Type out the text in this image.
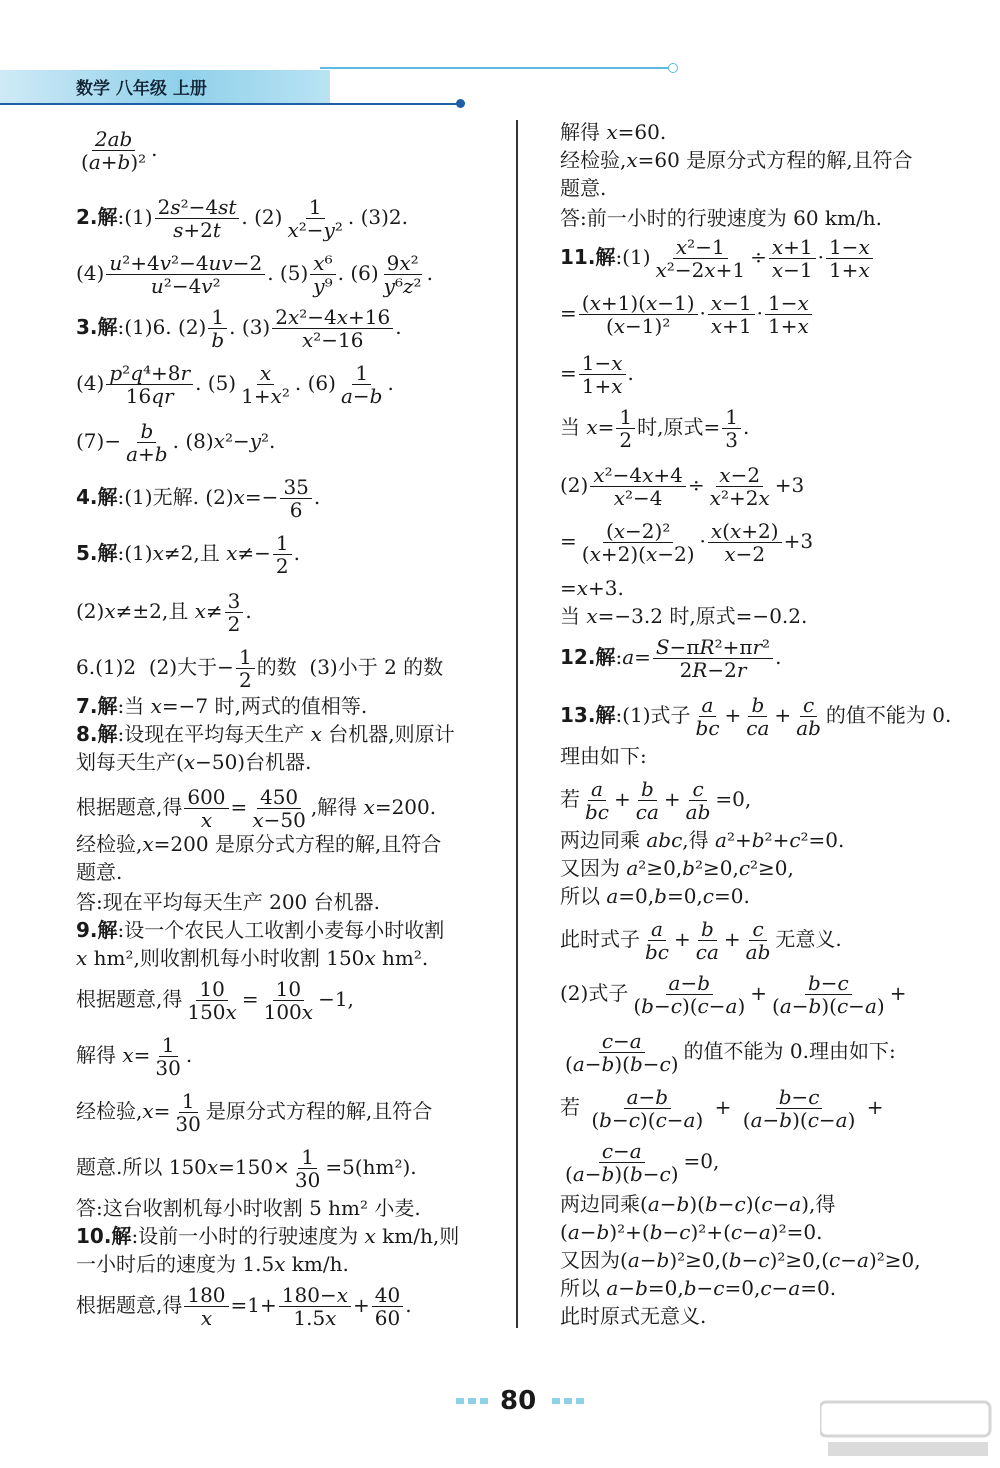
数学 八年级 上册
$\frac{2ab}{\text{(a+b)²}}$ .
2.解:(1) $\frac{\text{2s²−4st}}{s+2t}$ . $(2) \frac{1}{\text{x²−y²}}$ . (3)2.
$(4) \frac{\text{u²+4v²−4uv−2}}{\text{u²−4v²}}$ . $(5) \frac{\text{x⁶}}{\text{y⁹}}$ . $(6) \frac{\text{9x²}}{\text{y⁶z²}}$ .
3.解:(1)6. $(2) \frac{1}{b}$ . $(3) \frac{\text{2x²−4x+16}}{\text{x²−16}}$ .
$(4) \frac{\text{p²q⁴+8r}}{16qr}$ . $(5) \frac{x}{\text{1+x²}}$ . $(6) \frac{1}{a-b}$ .
$(7)- \frac{b}{a+b}$ . (8)x²−y².
4.解:(1)无解. $(2)x=- \frac{35}{6}$ .
5.解:(1)x≠2,且 $x\ne- \frac{1}{2}$ .
(2)x≠±2,且 $x\ne \frac{3}{2}$ .
6.(1)2  (2)大于− $\frac{1}{2}$ 的数  (3)小于 2 的数
7.解:当 x=−7 时,两式的值相等.
8.解:设现在平均每天生产 x 台机器,则原计
划每天生产(x−50)台机器.
根据题意,得 $\frac{600}{x} = \frac{450}{x-50}$ ,解得 x=200.
经检验,x=200 是原分式方程的解,且符合
题意.
答:现在平均每天生产 200 台机器.
9.解:设一个农民人工收割小麦每小时收割
x hm²,则收割机每小时收割 150x hm².
根据题意,得 $\frac{10}{150x} = \frac{10}{100x} -1$,
解得 $x= \frac{1}{30}$ .
经检验$,x= \frac{1}{30}$ 是原分式方程的解,且符合
题意.所以 $150x=150\times \frac{1}{30} =5(hm^2)$.
答:这台收割机每小时收割 5 hm² 小麦.
10.解:设前一小时的行驶速度为 x km/h,则
一小时后的速度为 1.5x km/h.
根据题意,得 $\frac{180}{x} =1+ \frac{180-x}{1.5x} + \frac{40}{60}$ .
解得 x=60.
经检验,x=60 是原分式方程的解,且符合
题意.
答:前一小时的行驶速度为 60 km/h.
11.解:(1) $\frac{\text{x²−1}}{\text{x²−2x+1}} \div \frac{x+1}{x-1} \cdot \frac{1-x}{1+x}$
= $\frac{(x+1)(x-1)}{\text{(x−1)²}} \cdot \frac{x-1}{x+1} \cdot \frac{1-x}{1+x}$
= $\frac{1-x}{1+x}$ .
当 $x= \frac{1}{2}$ 时,原式= $\frac{1}{3}$ .
$(2) \frac{\text{x²−4x+4}}{\text{x²−4}} \div \frac{x-2}{\text{x²+2x}} +3$
= $\frac{\text{(x−2)²}}{(x+2)(x-2)} \cdot \frac{x(x+2)}{x-2} +3$
=x+3.
当 x=−3.2 时,原式=−0.2.
12.解:a= $\frac{\text{S−πR²+πr²}}{2R-2r}$ .
13.解:(1)式子 $\frac{a}{bc} + \frac{b}{ca} + \frac{c}{ab}$ 的值不能为 0.
理由如下:
若 $\frac{a}{bc} + \frac{b}{ca} + \frac{c}{ab} =0$,
两边同乘 abc,得 a²+b²+c²=0.
又因为 a²≥0,b²≥0,c²≥0,
所以 a=0,b=0,c=0.
此时式子 $\frac{a}{bc} + \frac{b}{ca} + \frac{c}{ab}$ 无意义.
(2)式子 $\frac{a-b}{(b-c)(c-a)} + \frac{b-c}{(a-b)(c-a)}$ +
$\frac{c-a}{(a-b)(b-c)}$ 的值不能为 0.理由如下:
若 $\frac{a-b}{(b-c)(c-a)} + \frac{b-c}{(a-b)(c-a)}$ +
$\frac{c-a}{(a-b)(b-c)} =0$,
两边同乘(a−b)(b−c)(c−a),得
(a−b)²+(b−c)²+(c−a)²=0.
又因为(a−b)²≥0,(b−c)²≥0,(c−a)²≥0,
所以 a−b=0,b−c=0,c−a=0.
此时原式无意义.
80
